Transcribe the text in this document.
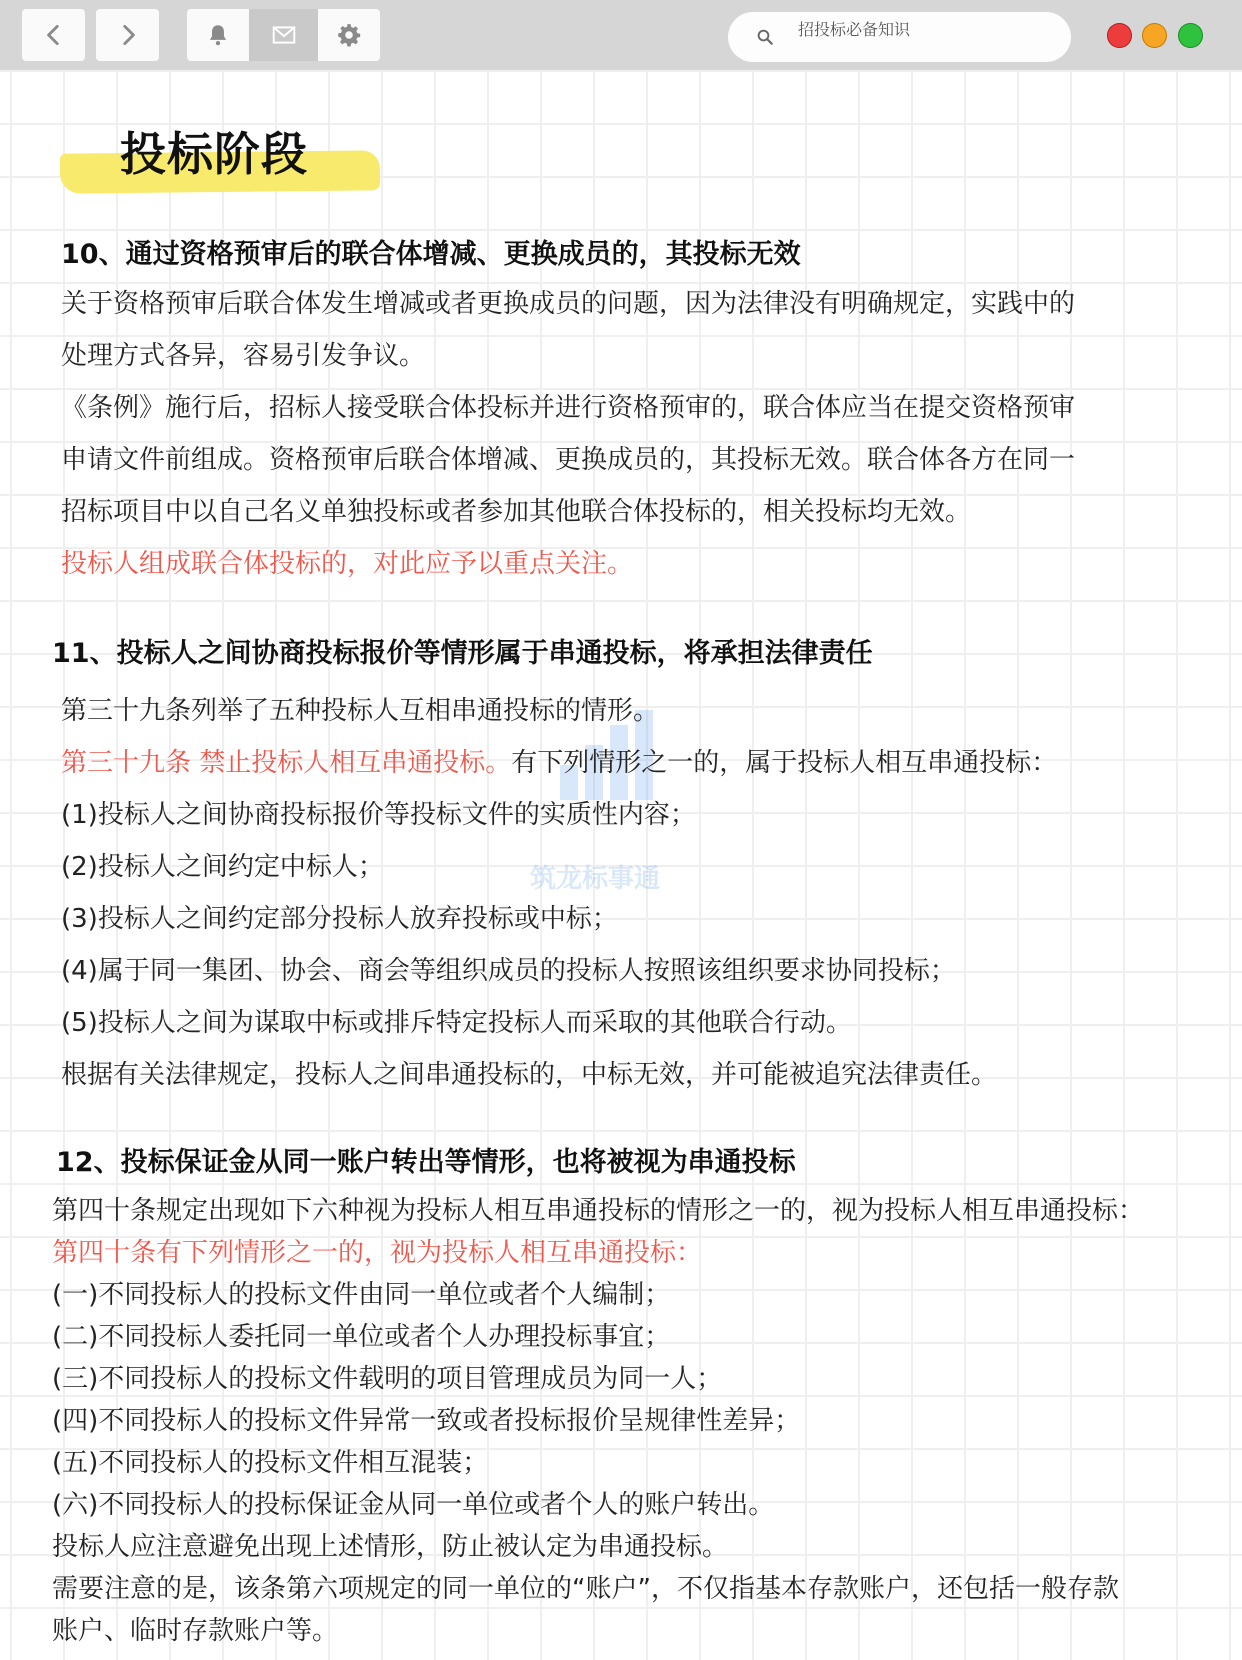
招投标必备知识
投标阶段
筑龙标事通
10、通过资格预审后的联合体增减、更换成员的，其投标无效

关于资格预审后联合体发生增减或者更换成员的问题，因为法律没有明确规定，实践中的

处理方式各异，容易引发争议。

《条例》施行后，招标人接受联合体投标并进行资格预审的，联合体应当在提交资格预审

申请文件前组成。资格预审后联合体增减、更换成员的，其投标无效。联合体各方在同一

招标项目中以自己名义单独投标或者参加其他联合体投标的，相关投标均无效。

投标人组成联合体投标的，对此应予以重点关注。

11、投标人之间协商投标报价等情形属于串通投标，将承担法律责任

第三十九条列举了五种投标人互相串通投标的情形。

第三十九条 禁止投标人相互串通投标。有下列情形之一的，属于投标人相互串通投标：

(1)投标人之间协商投标报价等投标文件的实质性内容；

(2)投标人之间约定中标人；

(3)投标人之间约定部分投标人放弃投标或中标；

(4)属于同一集团、协会、商会等组织成员的投标人按照该组织要求协同投标；

(5)投标人之间为谋取中标或排斥特定投标人而采取的其他联合行动。

根据有关法律规定，投标人之间串通投标的，中标无效，并可能被追究法律责任。

12、投标保证金从同一账户转出等情形，也将被视为串通投标

第四十条规定出现如下六种视为投标人相互串通投标的情形之一的，视为投标人相互串通投标：

第四十条有下列情形之一的，视为投标人相互串通投标：

(一)不同投标人的投标文件由同一单位或者个人编制；

(二)不同投标人委托同一单位或者个人办理投标事宜；

(三)不同投标人的投标文件载明的项目管理成员为同一人；

(四)不同投标人的投标文件异常一致或者投标报价呈规律性差异；

(五)不同投标人的投标文件相互混装；

(六)不同投标人的投标保证金从同一单位或者个人的账户转出。

投标人应注意避免出现上述情形，防止被认定为串通投标。

需要注意的是，该条第六项规定的同一单位的“账户”，不仅指基本存款账户，还包括一般存款

账户、临时存款账户等。
